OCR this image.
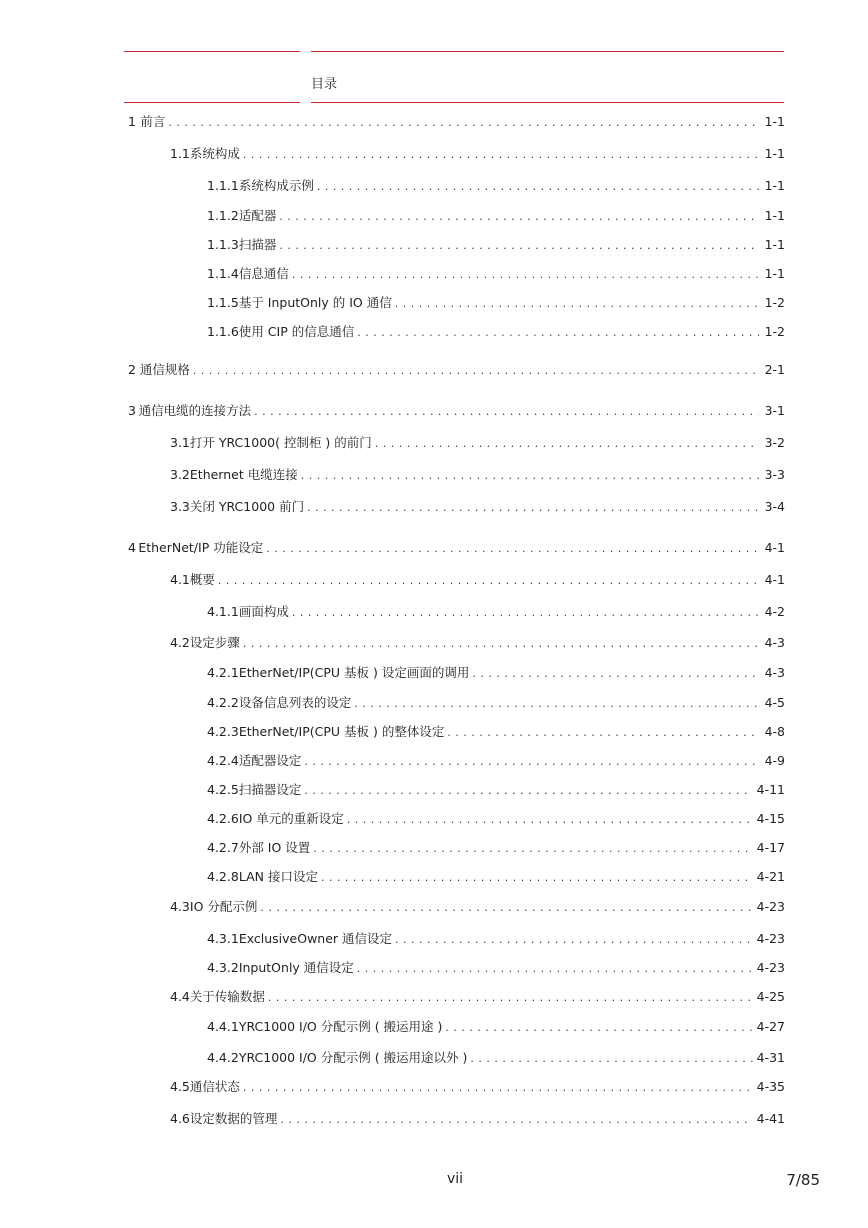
目录
1 前言 . . .	1-1
1.1 系统构成 . . .	1-1
1.1.1 系统构成示例 . . .	1-1
1.1.2 适配器 . . .	1-1
1.1.3 扫描器 . . .	1-1
1.1.4 信息通信 . . .	1-1
1.1.5 基于 InputOnly 的 IO 通信 . . .	1-2
1.1.6 使用 CIP 的信息通信 . . .	1-2
2 通信规格 . . .	2-1
3 通信电缆的连接方法 . . .	3-1
3.1 打开 YRC1000( 控制柜 ) 的前门 . . .	3-2
3.2 Ethernet 电缆连接 . . .	3-3
3.3 关闭 YRC1000 前门 . . .	3-4
4 EtherNet/IP 功能设定 . . .	4-1
4.1 概要 . . .	4-1
4.1.1 画面构成 . . .	4-2
4.2 设定步骤 . . .	4-3
4.2.1 EtherNet/IP(CPU 基板 ) 设定画面的调用 . . .	4-3
4.2.2 设备信息列表的设定 . . .	4-5
4.2.3 EtherNet/IP(CPU 基板 ) 的整体设定 . . .	4-8
4.2.4 适配器设定 . . .	4-9
4.2.5 扫描器设定 . . .	4-11
4.2.6 IO 单元的重新设定 . . .	4-15
4.2.7 外部 IO 设置 . . .	4-17
4.2.8 LAN 接口设定 . . .	4-21
4.3 IO 分配示例 . . .	4-23
4.3.1 ExclusiveOwner 通信设定 . . .	4-23
4.3.2 InputOnly 通信设定 . . .	4-23
4.4 关于传输数据 . . .	4-25
4.4.1 YRC1000 I/O 分配示例 ( 搬运用途 ) . . .	4-27
4.4.2 YRC1000 I/O 分配示例 ( 搬运用途以外 ) . . .	4-31
4.5 通信状态 . . .	4-35
4.6 设定数据的管理 . . .	4-41
vii	7/85
